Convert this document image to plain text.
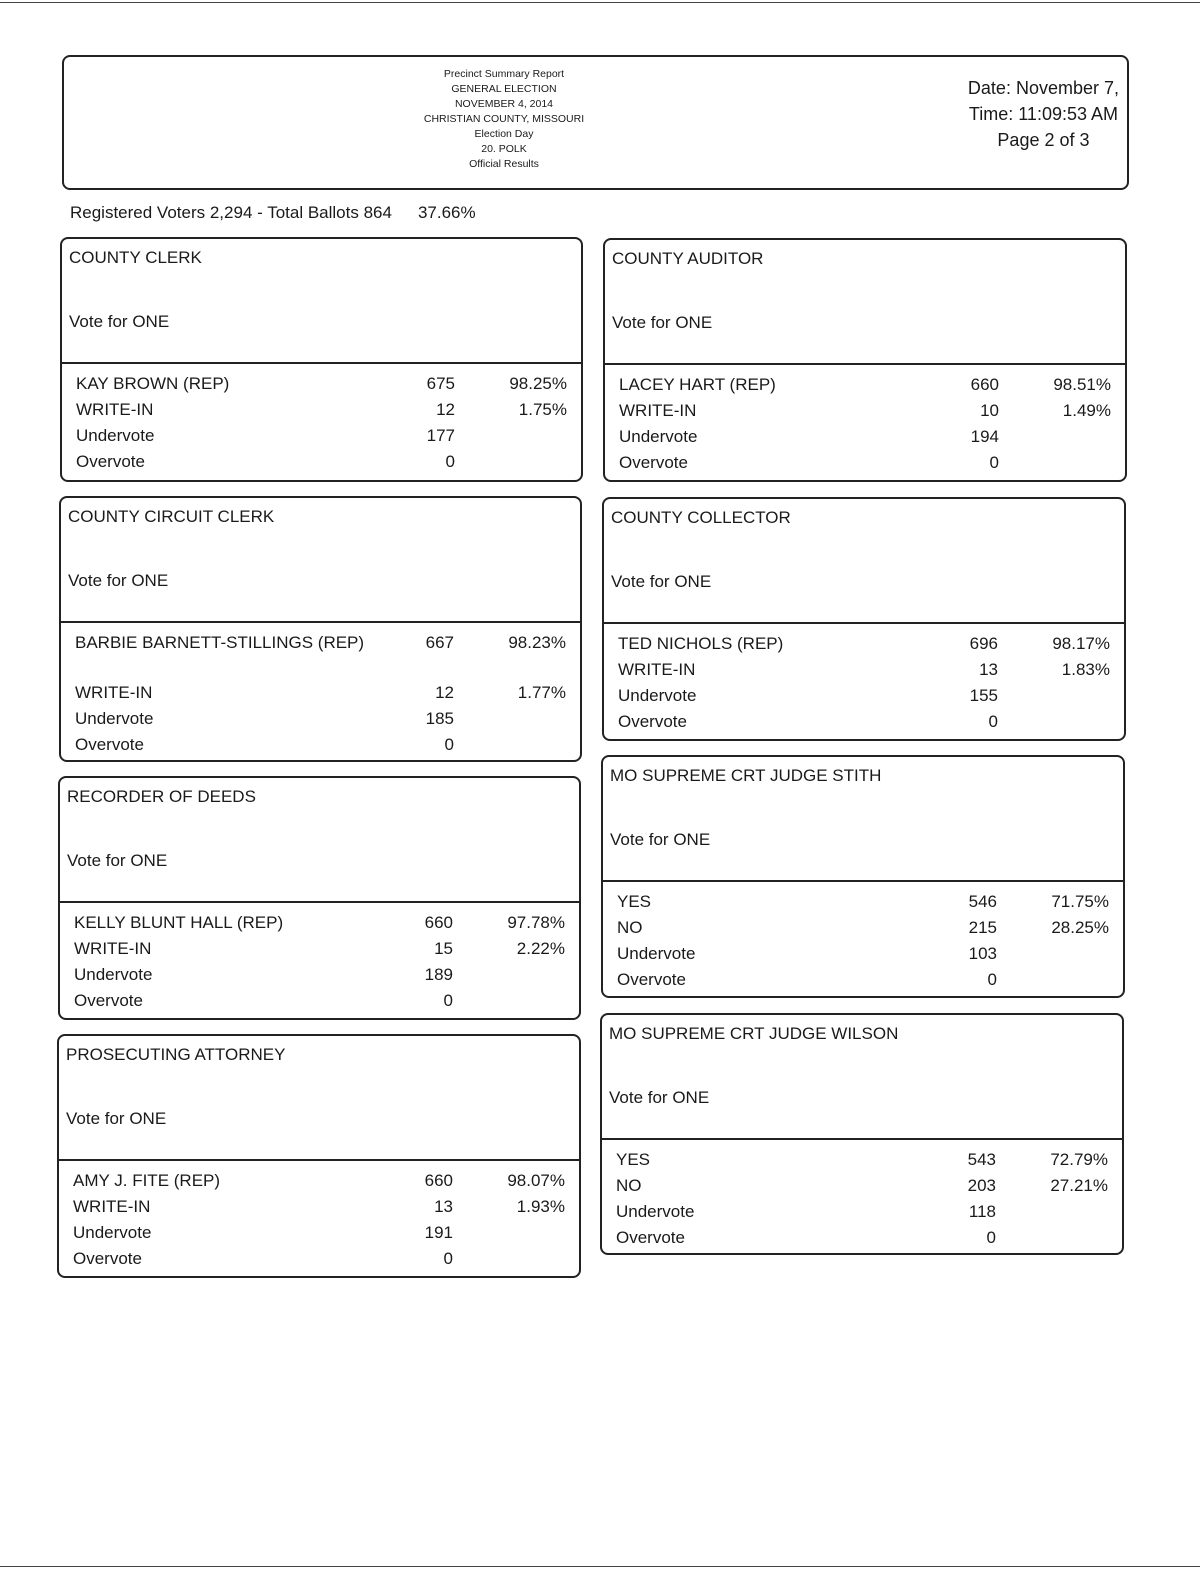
Precinct Summary Report
GENERAL ELECTION
NOVEMBER 4, 2014
CHRISTIAN COUNTY, MISSOURI
Election Day
20. POLK
Official Results
Date: November 7,
Time: 11:09:53 AM
Page 2 of 3
Registered Voters 2,294 - Total Ballots 864 37.66%
COUNTY CLERK
Vote for ONE
KAY BROWN (REP)	675	98.25%
WRITE-IN	12	1.75%
Undervote	177
Overvote	0
COUNTY CIRCUIT CLERK
Vote for ONE
BARBIE BARNETT-STILLINGS (REP)	667	98.23%
WRITE-IN	12	1.77%
Undervote	185
Overvote	0
RECORDER OF DEEDS
Vote for ONE
KELLY BLUNT HALL (REP)	660	97.78%
WRITE-IN	15	2.22%
Undervote	189
Overvote	0
PROSECUTING ATTORNEY
Vote for ONE
AMY J. FITE (REP)	660	98.07%
WRITE-IN	13	1.93%
Undervote	191
Overvote	0
COUNTY AUDITOR
Vote for ONE
LACEY HART (REP)	660	98.51%
WRITE-IN	10	1.49%
Undervote	194
Overvote	0
COUNTY COLLECTOR
Vote for ONE
TED NICHOLS (REP)	696	98.17%
WRITE-IN	13	1.83%
Undervote	155
Overvote	0
MO SUPREME CRT JUDGE STITH
Vote for ONE
YES	546	71.75%
NO	215	28.25%
Undervote	103
Overvote	0
MO SUPREME CRT JUDGE WILSON
Vote for ONE
YES	543	72.79%
NO	203	27.21%
Undervote	118
Overvote	0
